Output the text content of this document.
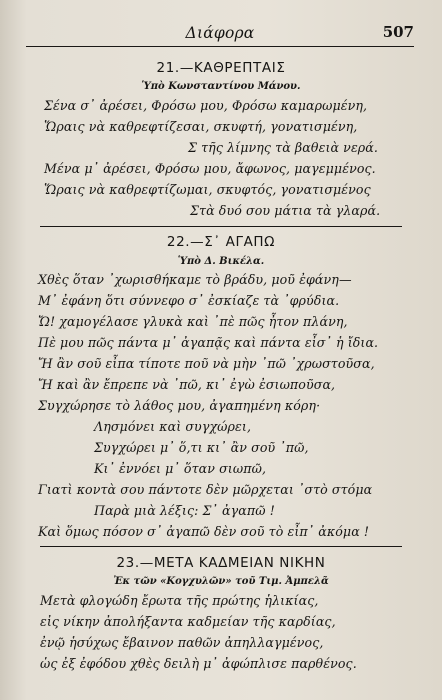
Διάφορα	507
21.—ΚΑΘΡΕΠΤΑΙΣ
Ὑπὸ Κωνσταντίνου Μάνου.
Σένα σ᾽ ἀρέσει, Φρόσω μου, Φρόσω καμαρωμένη,
Ὥραις νὰ καθρεφτίζεσαι, σκυφτή, γονατισμένη,
Σ τῆς λίμνης τὰ βαθειὰ νερά.
Μένα μ᾽ ἀρέσει, Φρόσω μου, ἄφωνος, μαγεμμένος.
Ὥραις νὰ καθρεφτίζωμαι, σκυφτός, γονατισμένος
Στὰ δυό σου μάτια τὰ γλαρά.
22.—Σ᾽ ΑΓΑΠΩ
Ὑπὸ Δ. Βικέλα.
Χθὲς ὅταν ᾽χωρισθήκαμε τὸ βράδυ, μοῦ ἐφάνη—
Μ᾽ ἐφάνη ὅτι σύννεφο σ᾽ ἐσκίαζε τὰ ᾽φρύδια.
Ὤ! χαμογέλασε γλυκὰ καὶ ᾽πὲ πῶς ἦτον πλάνη,
Πὲ μου πῶς πάντα μ᾽ ἀγαπᾷς καὶ πάντα εἶσ᾽ ἡ ἴδια.
Ἤ ἂν σοῦ εἶπα τίποτε ποῦ νὰ μὴν ᾽πῶ ᾽χρωστοῦσα,
Ἤ καὶ ἂν ἔπρεπε νὰ ᾽πῶ, κι᾽ ἐγὼ ἐσιωποῦσα,
Συγχώρησε τὸ λάθος μου, ἀγαπημένη κόρη·
Λησμόνει καὶ συγχώρει,
Συγχώρει μ᾽ ὅ,τι κι᾽ ἂν σοῦ ᾽πῶ,
Κι᾽ ἐννόει μ᾽ ὅταν σιωπῶ,
Γιατὶ κοντὰ σου πάντοτε δὲν μῶρχεται ᾽στὸ στόμα
Παρὰ μιὰ λέξις: Σ᾽ ἀγαπῶ !
Καὶ ὅμως πόσον σ᾽ ἀγαπῶ δὲν σοῦ τὸ εἶπ᾽ ἀκόμα !
23.—ΜΕΤΑ ΚΑΔΜΕΙΑΝ ΝΙΚΗΝ
Ἐκ τῶν «Κογχυλῶν» τοῦ Τιμ. Ἀμπελᾶ
Μετὰ φλογώδη ἔρωτα τῆς πρώτης ἡλικίας,
εἰς νίκην ἀπολήξαντα καδμείαν τῆς καρδίας,
ἐνῷ ἡσύχως ἔβαινον παθῶν ἀπηλλαγμένος,
ὡς ἐξ ἐφόδου χθὲς δειλὴ μ᾽ ἀφώπλισε παρθένος.
